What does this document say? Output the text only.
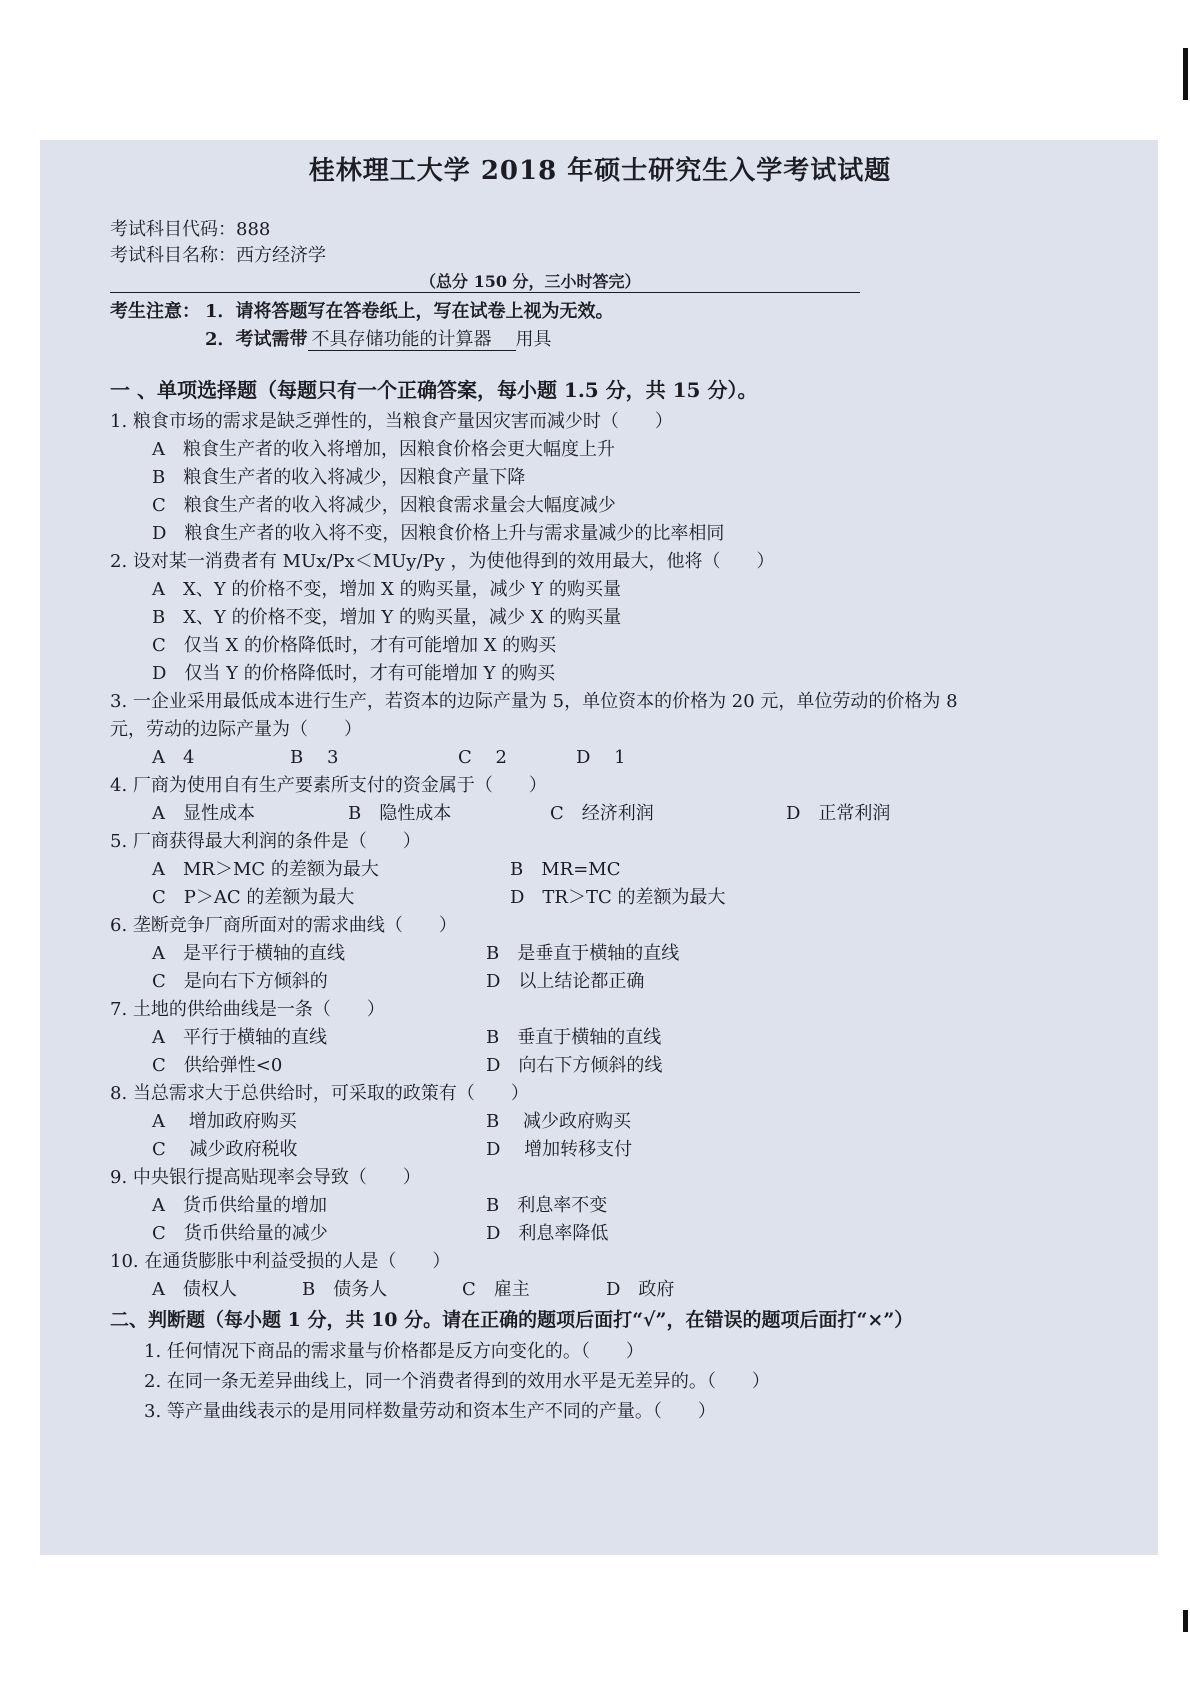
桂林理工大学 2018 年硕士研究生入学考试试题
考试科目代码：888
考试科目名称：西方经济学
（总分 150 分，三小时答完）
考生注意： 1．请将答题写在答卷纸上，写在试卷上视为无效。
2．考试需带 不具存储功能的计算器 用具
一 、单项选择题（每题只有一个正确答案，每小题 1.5 分，共 15 分）。
1. 粮食市场的需求是缺乏弹性的，当粮食产量因灾害而减少时（　　）
A　粮食生产者的收入将增加，因粮食价格会更大幅度上升
B　粮食生产者的收入将减少，因粮食产量下降
C　粮食生产者的收入将减少，因粮食需求量会大幅度减少
D　粮食生产者的收入将不变，因粮食价格上升与需求量减少的比率相同
2. 设对某一消费者有 MUx/Px＜MUy/Py ，为使他得到的效用最大，他将（　　）
A　X、Y 的价格不变，增加 X 的购买量，减少 Y 的购买量
B　X、Y 的价格不变，增加 Y 的购买量，减少 X 的购买量
C　仅当 X 的价格降低时，才有可能增加 X 的购买
D　仅当 Y 的价格降低时，才有可能增加 Y 的购买
3. 一企业采用最低成本进行生产，若资本的边际产量为 5，单位资本的价格为 20 元，单位劳动的价格为 8
元，劳动的边际产量为（　　）
A　4	B　 3	C　 2	D　 1
4. 厂商为使用自有生产要素所支付的资金属于（　　）
A　显性成本	B　隐性成本	C　经济利润	D　正常利润
5. 厂商获得最大利润的条件是（　　）
A　MR＞MC 的差额为最大	B　MR=MC
C　P＞AC 的差额为最大	D　TR＞TC 的差额为最大
6. 垄断竞争厂商所面对的需求曲线（　　）
A　是平行于横轴的直线	B　是垂直于横轴的直线
C　是向右下方倾斜的	D　以上结论都正确
7. 土地的供给曲线是一条（　　）
A　平行于横轴的直线	B　垂直于横轴的直线
C　供给弹性<0	D　向右下方倾斜的线
8. 当总需求大于总供给时，可采取的政策有（　　）
A　 增加政府购买	B　 减少政府购买
C　 减少政府税收	D　 增加转移支付
9. 中央银行提高贴现率会导致（　　）
A　货币供给量的增加	B　利息率不变
C　货币供给量的减少	D　利息率降低
10. 在通货膨胀中利益受损的人是（　　）
A　债权人	B　债务人	C　雇主	D　政府
二、判断题（每小题 1 分，共 10 分。请在正确的题项后面打“√”，在错误的题项后面打“×”）
1. 任何情况下商品的需求量与价格都是反方向变化的。（　　）
2. 在同一条无差异曲线上，同一个消费者得到的效用水平是无差异的。（　　）
3. 等产量曲线表示的是用同样数量劳动和资本生产不同的产量。（　　）
